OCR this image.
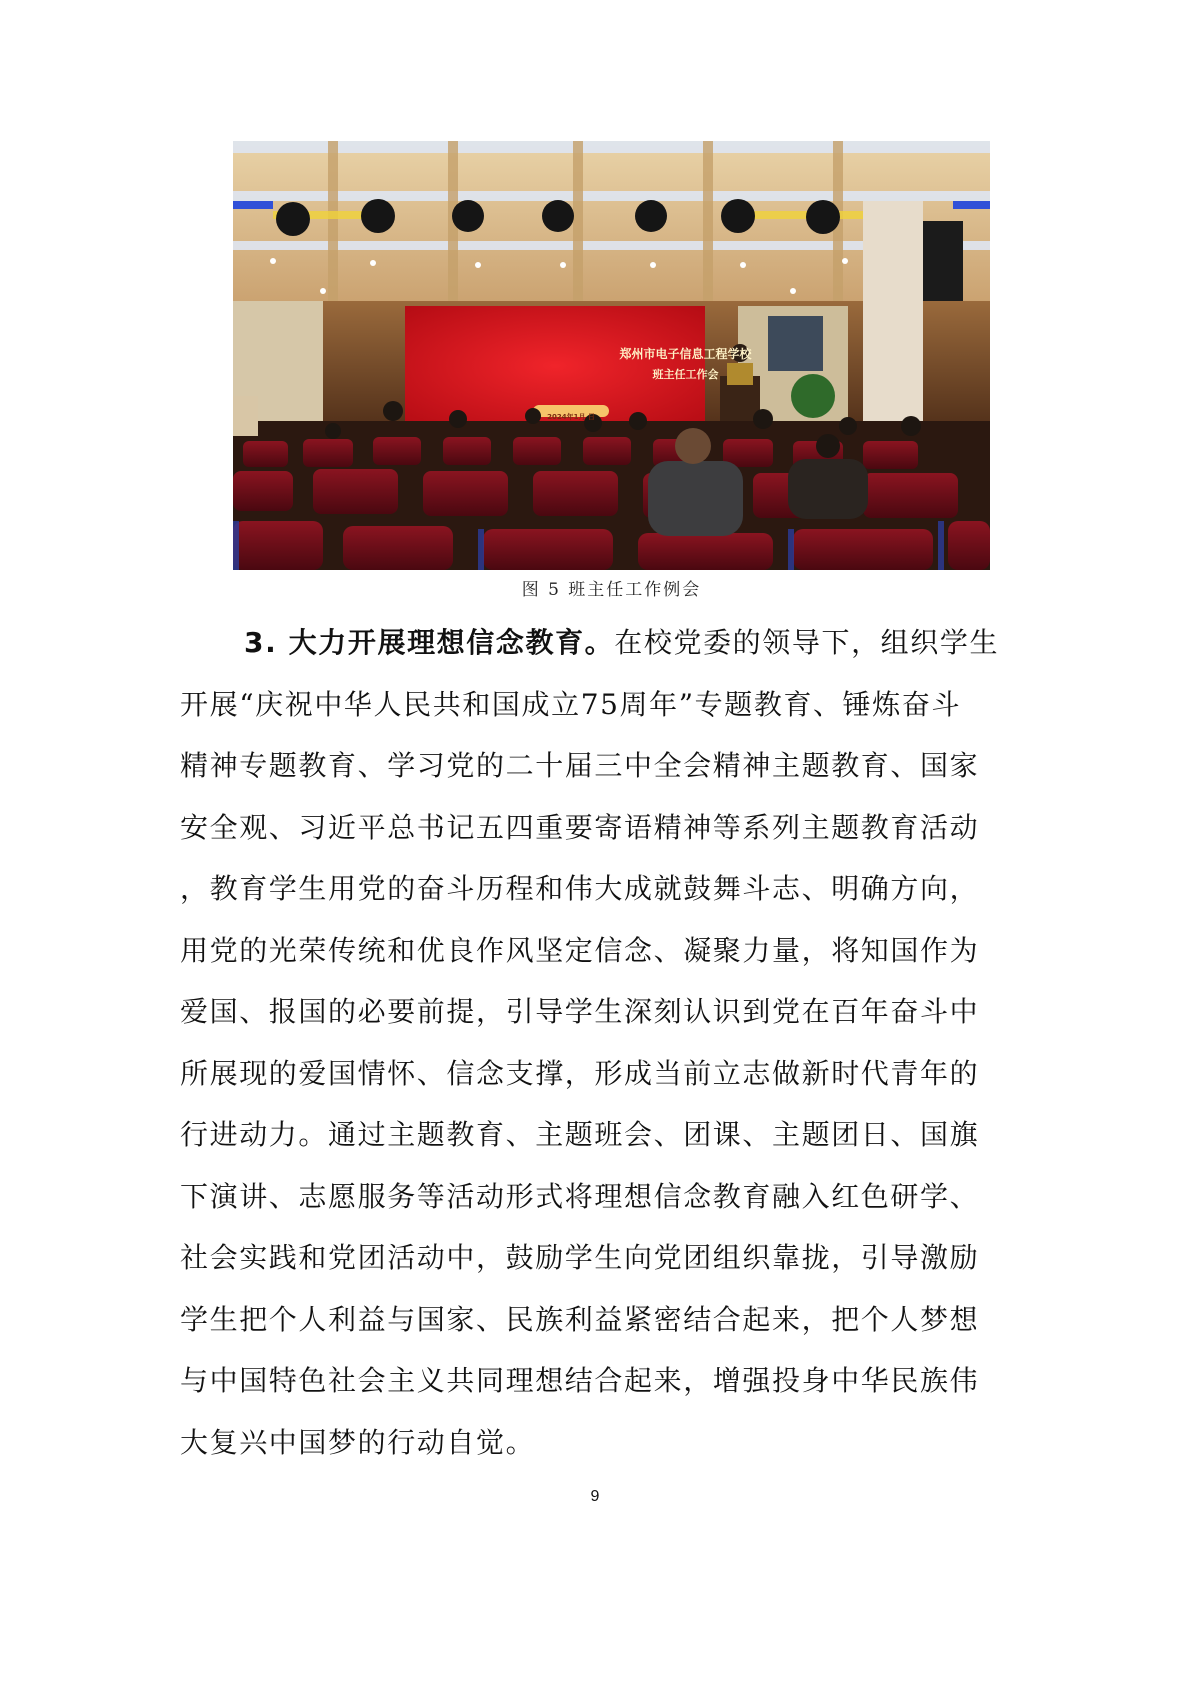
郑州市电子信息工程学校
班主任工作会
2024年1月 日
图 5 班主任工作例会
3. 大力开展理想信念教育。在校党委的领导下，组织学生
开展“庆祝中华人民共和国成立75周年”专题教育、锤炼奋斗
精神专题教育、学习党的二十届三中全会精神主题教育、国家
安全观、习近平总书记五四重要寄语精神等系列主题教育活动
，教育学生用党的奋斗历程和伟大成就鼓舞斗志、明确方向，
用党的光荣传统和优良作风坚定信念、凝聚力量，将知国作为
爱国、报国的必要前提，引导学生深刻认识到党在百年奋斗中
所展现的爱国情怀、信念支撑，形成当前立志做新时代青年的
行进动力。通过主题教育、主题班会、团课、主题团日、国旗
下演讲、志愿服务等活动形式将理想信念教育融入红色研学、
社会实践和党团活动中，鼓励学生向党团组织靠拢，引导激励
学生把个人利益与国家、民族利益紧密结合起来，把个人梦想
与中国特色社会主义共同理想结合起来，增强投身中华民族伟
大复兴中国梦的行动自觉。
9
